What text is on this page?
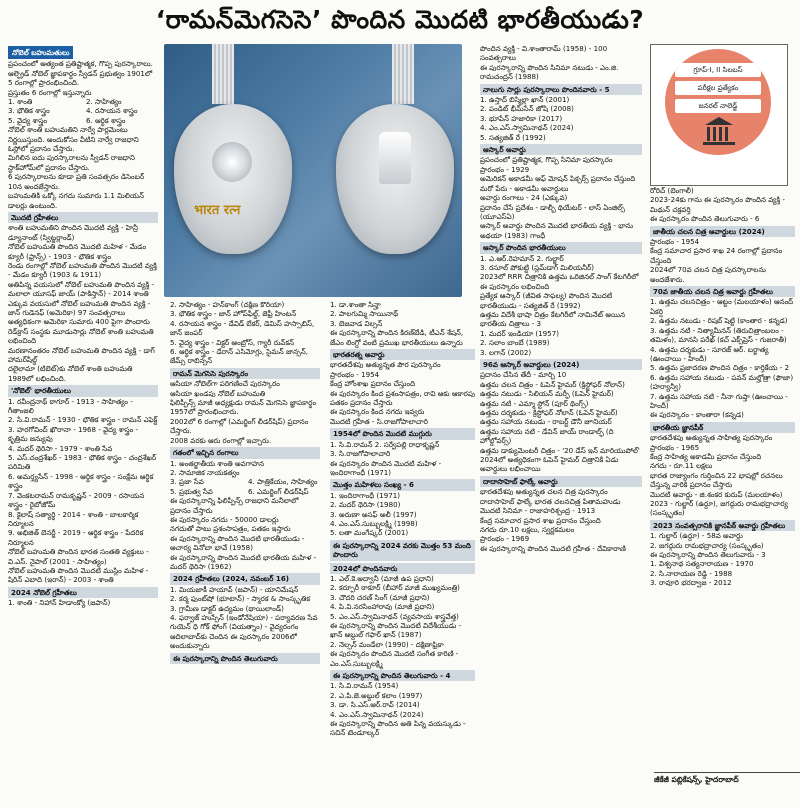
‘రామన్‌మెగసెసె’ పొందిన మొదటి భారతీయుడు?
నోబెల్ బహుమతులు

ప్రపంచంలో అత్యంత ప్రతిష్టాత్మక, గొప్ప పురస్కారాలు.

ఆల్ఫ్రెడ్ నోబెల్ జ్ఞాపకార్థం స్వీడన్ ప్రభుత్వం 1901లో 5 రంగాల్లో ప్రారంభించింది.

ప్రస్తుతం 6 రంగాల్లో ఇస్తున్నారు

1. శాంతి	2. సాహిత్యం
3. భౌతిక శాస్త్రం	4. రసాయన శాస్త్రం
5. వైద్య శాస్త్రం	6. ఆర్థిక శాస్త్రం

నోబెల్ శాంతి బహుమతిని నార్వే పార్లమెంటు నిర్ణయిస్తుంది. అందుకోసం వీటిని నార్వే రాజధాని ఓస్లోలో ప్రదానం చేస్తారు.

మిగిలిన ఐదు పురస్కారాలను స్వీడన్ రాజధాని స్టాక్‌హోమ్‌లో ప్రదానం చేస్తారు.

6 పురస్కారాలను కూడా ప్రతి సంవత్సరం డిసెంబర్ 10న అందజేస్తారు.

బహుమతికి ఒక్కో నగదు సుమారు 1.1 మిలియన్ డాలర్లు ఉంటుంది.

మొదటి గ్రహీతలు

శాంతి బహుమతిని పొందిన మొదటి వ్యక్తి - హెన్రీ డ్యూనాంట్ (స్విట్జర్లాండ్)

నోబెల్ బహుమతి పొందిన మొదటి మహిళ - మేడం క్యూరీ (ఫ్రాన్స్) - 1903 - భౌతిక శాస్త్రం

రెండు రంగాల్లో నోబెల్ బహుమతి పొందిన మొదటి వ్యక్తి - మేడం క్యూరీ (1903 & 1911)

అతిపిన్న వయసులో నోబెల్ బహుమతి పొందిన వ్యక్తి - మలాలా యూసఫ్ జాయ్ (పాకిస్తాన్) - 2014 శాంతి

ఎక్కువ వయసులో నోబెల్ బహుమతి పొందిన వ్యక్తి - జాన్ గుడెనఫ్ (అమెరికా) 97 సంవత్సరాలు

అత్యధికంగా అమెరికా సుమారు 400 పైగా పొందారు

రెడ్‌క్రాస్ సంస్థకు మూడుసార్లు నోబెల్ శాంతి బహుమతి లభించింది

మరణానంతరం నోబెల్ బహుమతి పొందిన వ్యక్తి - డాగ్ హామర్‌షీల్డ్

దలైలామా (టిబెట్)కు నోబెల్ శాంతి బహుమతి 1989లో లభించింది.

'నోబెల్' భారతీయులు

1. రవీంద్రనాథ్ ఠాగూర్ - 1913 - సాహిత్యం - గీతాంజలి

2. సి.వి.రామన్ - 1930 - భౌతిక శాస్త్రం - రామన్ ఎఫెక్ట్

3. హరగోవింద్ ఖొరానా - 1968 - వైద్య శాస్త్రం - కృత్రిమ జన్యువు

4. మదర్ థెరిసా - 1979 - శాంతి సేవ

5. ఎస్.చంద్రశేఖర్ - 1983 - భౌతిక శాస్త్రం - చంద్రశేఖర్ పరిమితి

6. అమర్త్యసేన్ - 1998 - ఆర్థిక శాస్త్రం - సంక్షేమ ఆర్థిక శాస్త్రం

7. వెంకటరామన్ రామకృష్ణన్ - 2009 - రసాయన శాస్త్రం - రైబోజోమ్

8. కైలాష్ సత్యార్థి - 2014 - శాంతి - బాలకార్మిక నిర్మూలన

9. అభిజిత్ బెనర్జీ - 2019 - ఆర్థిక శాస్త్రం - పేదరిక నిర్మూలన

నోబెల్ బహుమతి పొందిన భారత సంతతి వ్యక్తులు - వి.ఎస్. నైపాల్ (2001 - సాహిత్యం)

నోబెల్ బహుమతి పొందిన మొదటి ముస్లిం మహిళ - షిరిన్ ఎబాది (ఇరాన్) - 2003 - శాంతి

2024 నోబెల్ గ్రహీతలు

1. శాంతి - నిహాన్ హిడాంక్యో (జపాన్)

भारत रत्न

2. సాహిత్యం - హన్‌కాంగ్ (దక్షిణ కొరియా)

3. భౌతిక శాస్త్రం - జాన్ హోప్‌ఫీల్డ్, జెఫ్రీ హింటన్

4. రసాయన శాస్త్రం - డేవిడ్ బేకర్, డెమిస్ హస్సాబిస్, జాన్ జంపర్

5. వైద్య శాస్త్రం - విక్టర్ ఆంబ్రోస్, గ్యారీ రువ్‌కన్

6. ఆర్థిక శాస్త్రం - డేరాన్ ఎసిమోగ్లు, సైమన్ జాన్సన్, జేమ్స్ రాబిన్సన్

రామన్ మెగసెసె పురస్కారం

ఆసియా నోబెల్‌గా పరిగణించే పురస్కారం

ఆసియా ఖండపు నోబెల్ బహుమతి

ఫిలిప్పీన్స్ మాజీ అధ్యక్షుడు రామన్ మెగసెసె జ్ఞాపకార్థం 1957లో ప్రారంభించారు.

2002లో 6 రంగాల్లో (ఎమర్జింగ్ లీడర్‌షిప్) ప్రదానం చేస్తారు.

2008 వరకు ఆరు రంగాల్లో ఇచ్చారు.

గతంలో ఇచ్చిన రంగాలు
1. అంతర్జాతీయ శాంతి అవగాహన
2. సామాజిక నాయకత్వం
3. ప్రజా సేవ	4. పాత్రికేయం, సాహిత్యం
5. ప్రభుత్వ సేవ	6. ఎమర్జింగ్ లీడర్‌షిప్

ఈ పురస్కారాన్ని ఫిలిప్పీన్స్ రాజధాని మనీలాలో ప్రదానం చేస్తారు

ఈ పురస్కారం నగదు - 50000 డాలర్లు

నగదుతో పాటు ప్రశంసాపత్రం, పతకం ఇస్తారు

ఈ పురస్కారాన్ని పొందిన మొదటి భారతీయుడు - ఆచార్య వినోబా భావే (1958)

ఈ పురస్కారాన్ని పొందిన మొదటి భారతీయ మహిళ - మదర్ థెరిసా (1962)

2024 గ్రహీతలు (2024, నవంబర్ 16)

1. మియజాకీ హయావ్ (జపాన్) - యానిమేషన్

2. కర్మ ఫుంట్‌షో (భూటాన్) - స్మారక & సాంస్కృతిక

3. గ్రామీణ డాక్టర్ ఉద్యమం (థాయిలాండ్)

4. ఫర్వాజ్ హుస్సేన్ (ఇండోనేషియా) - పర్యావరణ సేవ

గుయెన్ ధి గోక్ ఫోంగ్ (వియత్నాం) - వైద్యరంగం

ఆదిలాబాద్‌కు చెందిన ఈ పురస్కారం 2006లో అందుకున్నారు

ఈ పురస్కారాన్ని పొందిన తెలుగువారు

1. డా.శాంతా సిన్హా

2. పాలగుమ్మి సాయినాథ్

3. బెజవాడ విల్సన్

ఈ పురస్కారాన్ని పొందిన కిరణ్‌బేడి, టీఎన్ శేషన్, జేఎం లింగ్డో వంటి ప్రముఖ భారతీయులు ఉన్నారు

భారతరత్న అవార్డు

భారతదేశపు అత్యున్నత పౌర పురస్కారం

ప్రారంభం - 1954

కేంద్ర హోంశాఖ ప్రదానం చేస్తుంది

ఈ పురస్కారం కింద ప్రశంసాపత్రం, రావి ఆకు ఆకారపు పతకం ప్రదానం చేస్తారు

ఈ పురస్కారం కింద నగదు ఇవ్వరు

మొదటి గ్రహీత - సి.రాజగోపాలాచారి

1954లో పొందిన మొదటి ముగ్గురు

1. సి.వి.రామన్ 2. సర్వేపల్లి రాధాకృష్ణన్

3. సి.రాజగోపాలాచారి

ఈ పురస్కారం పొందిన మొదటి మహిళ - ఇందిరాగాంధీ (1971)

మొత్తం మహిళలు సంఖ్య - 6

1. ఇందిరాగాంధీ (1971)

2. మదర్ థెరిసా (1980)

3. అరుణా అసఫ్ అలీ (1997)

4. ఎం.ఎస్.సుబ్బులక్ష్మి (1998)

5. లతా మంగేష్కర్ (2001)

ఈ పురస్కారాన్ని 2024 వరకు మొత్తం 53 మంది పొందారు
2024లో పొందినవారు

1. ఎల్.కె.అద్వానీ (మాజీ ఉప ప్రధాని)

2. కర్పూరీ ఠాకూర్ (బీహార్ మాజీ ముఖ్యమంత్రి)

3. చౌదరి చరణ్ సింగ్ (మాజీ ప్రధాని)

4. పి.వి.నరసింహారావు (మాజీ ప్రధాని)

5. ఎం.ఎస్.స్వామినాథన్ (వ్యవసాయ శాస్త్రవేత్త)

ఈ పురస్కారాన్ని పొందిన మొదటి విదేశీయుడు - ఖాన్ అబ్దుల్ గఫార్ ఖాన్ (1987)

2. నెల్సన్ మండేలా (1990) - దక్షిణాఫ్రికా

ఈ పురస్కారం పొందిన మొదటి సంగీత కారిణి - ఎం.ఎస్.సుబ్బులక్ష్మి

ఈ పురస్కారాన్ని పొందిన తెలుగువారు - 4

1. సి.వి.రామన్ (1954)

2. ఎ.పి.జె.అబ్దుల్ కలాం (1997)

3. డా. సి.ఎస్.ఆర్.రావ్ (2014)

4. ఎం.ఎస్.స్వామినాథన్ (2024)

ఈ పురస్కారాన్ని పొందిన అతి పిన్న వయస్కుడు - సచిన్ టెండూల్కర్

పొందిన వ్యక్తి - వి.శాంతారామ్ (1958) - 100 సంవత్సరాలు

ఈ పురస్కారాన్ని పొందిన సినిమా నటుడు - ఎం.జి. రామచంద్రన్ (1988)

నాలుగు సార్లు పురస్కారాలు పొందినవారు - 5

1. ఉస్తాద్ బిస్మిల్లా ఖాన్ (2001)

2. పండిట్ భీమ్‌సేన్ జోషి (2008)

3. భూపేన్ హజారికా (2017)

4. ఎం.ఎస్.స్వామినాథన్ (2024)

5. సత్యజిత్ రే (1992)

ఆస్కార్ అవార్డు

ప్రపంచంలో ప్రతిష్టాత్మక, గొప్ప సినిమా పురస్కారం

ప్రారంభం - 1929

అమెరికన్ అకాడమీ ఆఫ్ మోషన్ పిక్చర్స్ ప్రదానం చేస్తుంది

మరో పేరు - అకాడమీ అవార్డులు

అవార్డు రంగాలు - 24 (ఎక్కువ)

ప్రదానం చేసే ప్రదేశం - డాల్బీ థియేటర్ - లాస్ ఏంజిల్స్ (యూఎస్ఏ)

ఆస్కార్ అవార్డు పొందిన మొదటి భారతీయ వ్యక్తి - భాను అథయా (1983) గాంధీ

ఆస్కార్ పొందిన భారతీయులు

1. ఎ.ఆర్.రెహమాన్ 2. గుల్జార్

3. రసూల్ పోకుట్టి (స్లమ్‌డాగ్ మిలియనీర్)

2023లో RRR చిత్రానికి ఉత్తమ ఒరిజినల్ సాంగ్ కేటగిరీలో ఈ పురస్కారం లభించింది

ప్రత్యేక ఆస్కార్ (జీవిత సాఫల్య) పొందిన మొదటి భారతీయుడు - సత్యజిత్ రే (1992)

ఉత్తమ విదేశీ భాషా చిత్రం కేటగిరీలో నామినేట్ అయిన భారతీయ చిత్రాలు - 3

1. మదర్ ఇండియా (1957)

2. సలాం బాంబే (1989)

3. లగాన్ (2002)

96వ ఆస్కార్ అవార్డులు (2024)

ప్రదానం చేసిన తేదీ - మార్చి 10

ఉత్తమ చలన చిత్రం - ఓపెన్ హైమర్ (క్రిస్టోఫర్ నోలాన్)

ఉత్తమ నటుడు - సిలియన్ మర్ఫీ (ఓపెన్ హైమర్)

ఉత్తమ నటి - ఎమ్మా స్టోన్ (పూర్ థింగ్స్)

ఉత్తమ దర్శకుడు - క్రిస్టోఫర్ నోలాన్ (ఓపెన్ హైమర్)

ఉత్తమ సహాయ నటుడు - రాబర్ట్ డౌనీ జూనియర్

ఉత్తమ సహాయ నటి - డేవిన్ జాయ్ రాండాల్ఫ్ (ది హోల్డోవర్స్)

ఉత్తమ డాక్యుమెంటరీ చిత్రం - '20 డేస్ ఇన్ మారియుపోల్'

2024లో అత్యధికంగా ఓపెన్ హైమర్ చిత్రానికి ఏడు అవార్డులు లభించాయి

దాదాసాహెబ్ ఫాల్కే అవార్డు

భారతదేశపు అత్యున్నత చలన చిత్ర పురస్కారం

దాదాసాహెబ్ ఫాల్కే భారత చలనచిత్ర పితామహుడు

మొదటి సినిమా - రాజాహరిశ్చంద్ర - 1913

కేంద్ర సమాచార ప్రసార శాఖ ప్రదానం చేస్తుంది

నగదు రూ.10 లక్షలు, స్వర్ణకమలం

ప్రారంభం - 1969

ఈ పురస్కారాన్ని పొందిన మొదటి గ్రహీత - దేవికారాణి

గ్రూప్‌-I, II సిలబస్
పరీక్షల ప్రత్యేకం
జనరల్ నాలెడ్జ్

రోరిచ్ (బెంగాలీ)

2023-24కు గాను ఈ పురస్కారం పొందిన వ్యక్తి - మిథున్ చక్రవర్తి

ఈ పురస్కారం పొందిన తెలుగువారు - 6

జాతీయ చలన చిత్ర అవార్డులు (2024)

ప్రారంభం - 1954

కేంద్ర సమాచార ప్రసార శాఖ 24 రంగాల్లో ప్రదానం చేస్తుంది

2024లో 70వ చలన చిత్ర పురస్కారాలను అందజేశారు.

70వ జాతీయ చలన చిత్ర అవార్డు గ్రహీతలు

1. ఉత్తమ చలనచిత్రం - ఆట్టం (మలయాళం) ఆనంద్ ఏకర్షి

2. ఉత్తమ నటుడు - రిషబ్ షెట్టి (కాంతార - కన్నడ)

3. ఉత్తమ నటి - నిత్యామీనన్ (తిరుచిత్రాంబలం - తమిళం), మానసి పరేఖ్ (కచ్ ఎక్స్‌ప్రెస్ - గుజరాతీ)

4. ఉత్తమ దర్శకుడు - సూరజ్ ఆర్. బర్జాత్య (ఊంచాయి - హిందీ)

5. ఉత్తమ ప్రజాదరణ పొందిన చిత్రం - కార్తికేయ - 2

6. ఉత్తమ సహాయ నటుడు - పవన్ మల్హోత్రా (ఫౌజా) (హర్యాన్వీ)

7. ఉత్తమ సహాయ నటి - నీనా గుప్తా (ఊంచాయి - హిందీ)

ఈ పురస్కారం - కాంతారా (కన్నడ)

భారతీయ జ్ఞానపీఠ్

భారతదేశపు అత్యున్నత సాహిత్య పురస్కారం

ప్రారంభం - 1965

కేంద్ర సాహిత్య అకాడమీ ప్రదానం చేస్తుంది

నగదు - రూ.11 లక్షలు

భారత రాజ్యాంగం గుర్తించిన 22 భాషల్లో రచనలు చేస్తున్న వారికి ప్రదానం చేస్తారు

మొదటి అవార్డు - జి.శంకర కురుప్ (మలయాళం)

2023 - గుల్జార్ (ఉర్దూ), జగద్గురు రామభద్రాచార్య (సంస్కృతం)

2023 సంవత్సరానికి జ్ఞానపీఠ్ అవార్డు గ్రహీతలు

1. గుల్జార్ (ఉర్దూ) - 58వ అవార్డు

2. జగద్గురు రామభద్రాచార్య (సంస్కృతం)

ఈ పురస్కారాన్ని పొందిన తెలుగువారు - 3

1. విశ్వనాథ సత్యనారాయణ - 1970

2. సి.నారాయణ రెడ్డి - 1988

3. రావూరి భరద్వాజ - 2012

జీకేజీ పబ్లికేషన్స్, హైదరాబాద్
